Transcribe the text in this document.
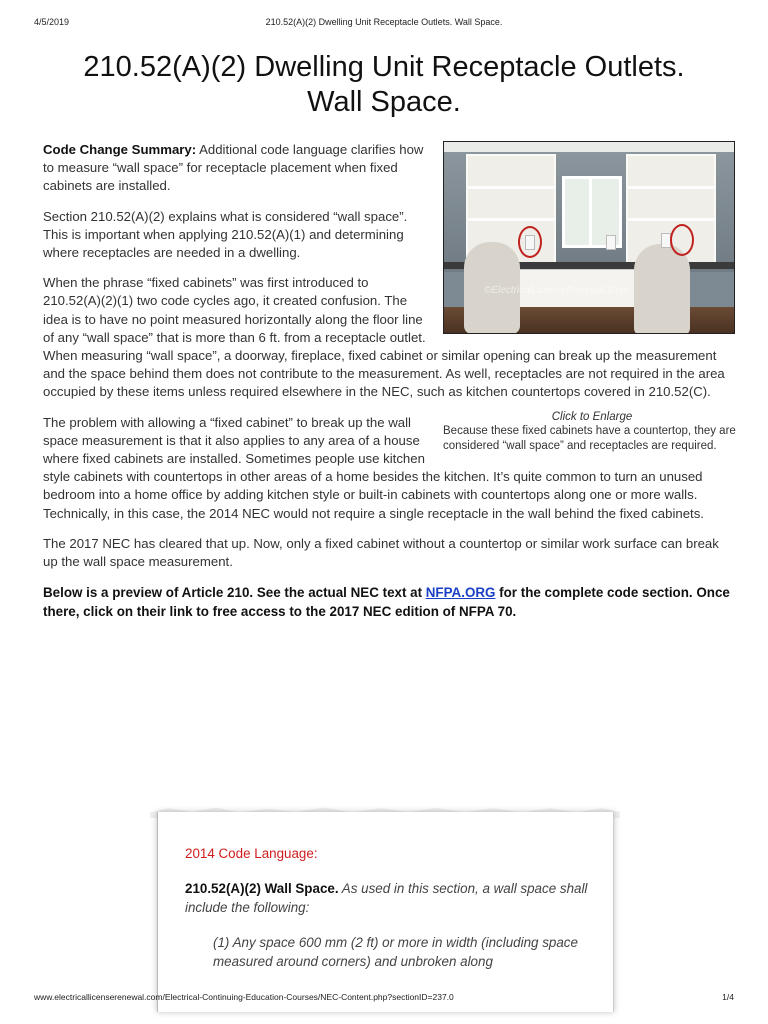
4/5/2019	210.52(A)(2) Dwelling Unit Receptacle Outlets. Wall Space.
210.52(A)(2) Dwelling Unit Receptacle Outlets.
Wall Space.
©ElectricalLicenseRenewal.Com

Code Change Summary: Additional code language clarifies how to measure “wall space” for receptacle placement when fixed cabinets are installed.

Section 210.52(A)(2) explains what is considered “wall space”. This is important when applying 210.52(A)(1) and determining where receptacles are needed in a dwelling.

When the phrase “fixed cabinets” was first introduced to 210.52(A)(2)(1) two code cycles ago, it created confusion. The idea is to have no point measured horizontally along the floor line of any “wall space” that is more than 6 ft. from a receptacle outlet. When measuring “wall space”, a doorway, fireplace, fixed cabinet or similar opening can break up the measurement and the space behind them does not contribute to the measurement. As well, receptacles are not required in the area occupied by these items unless required elsewhere in the NEC, such as kitchen countertops covered in 210.52(C).

Click to Enlarge
Because these fixed cabinets have a countertop, they are considered “wall space” and receptacles are required.

The problem with allowing a “fixed cabinet” to break up the wall space measurement is that it also applies to any area of a house where fixed cabinets are installed. Sometimes people use kitchen style cabinets with countertops in other areas of a home besides the kitchen. It’s quite common to turn an unused bedroom into a home office by adding kitchen style or built-in cabinets with countertops along one or more walls. Technically, in this case, the 2014 NEC would not require a single receptacle in the wall behind the fixed cabinets.

The 2017 NEC has cleared that up. Now, only a fixed cabinet without a countertop or similar work surface can break up the wall space measurement.

Below is a preview of Article 210. See the actual NEC text at NFPA.ORG for the complete code section. Once there, click on their link to free access to the 2017 NEC edition of NFPA 70.

2014 Code Language:
210.52(A)(2) Wall Space. As used in this section, a wall space shall include the following:
(1) Any space 600 mm (2 ft) or more in width (including space measured around corners) and unbroken along
www.electricallicenserenewal.com/Electrical-Continuing-Education-Courses/NEC-Content.php?sectionID=237.0	1/4
